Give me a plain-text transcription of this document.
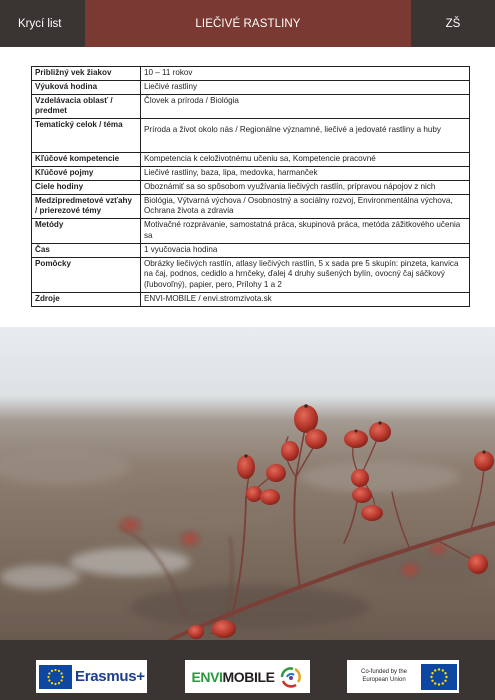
Krycí list	LIEČIVÉ RASTLINY	ZŠ
Približný vek žiakov	10 – 11 rokov
Výuková hodina	Liečivé rastliny
Vzdelávacia oblasť / predmet	Človek a príroda / Biológia
Tematický celok / téma	Príroda a život okolo nás / Regionálne významné, liečivé a jedovaté rastliny a huby
Kľúčové kompetencie	Kompetencia k celoživotnému učeniu sa, Kompetencie pracovné
Kľúčové pojmy	Liečivé rastliny, baza, lipa, medovka, harmanček
Ciele hodiny	Oboznámiť sa so spôsobom využívania liečivých rastlín, prípravou nápojov z nich
Medzipredmetové vzťahy / prierezové témy	Biológia, Výtvarná výchova / Osobnostný a sociálny rozvoj, Environmentálna výchova, Ochrana života a zdravia
Metódy	Motivačné rozprávanie, samostatná práca, skupinová práca, metóda zážitkového učenia sa
Čas	1 vyučovacia hodina
Pomôcky	Obrázky liečivých rastlín, atlasy liečivých rastlín, 5 x sada pre 5 skupín: pinzeta, kanvica na čaj, podnos, cedidlo a hrnčeky, ďalej 4 druhy sušených bylín, ovocný čaj sáčkový (ľubovoľný), papier, pero, Prílohy 1 a 2
Zdroje	ENVI-MOBILE / envi.stromzivota.sk
Erasmus+	ENVIMOBILE	Co-funded by the European Union
